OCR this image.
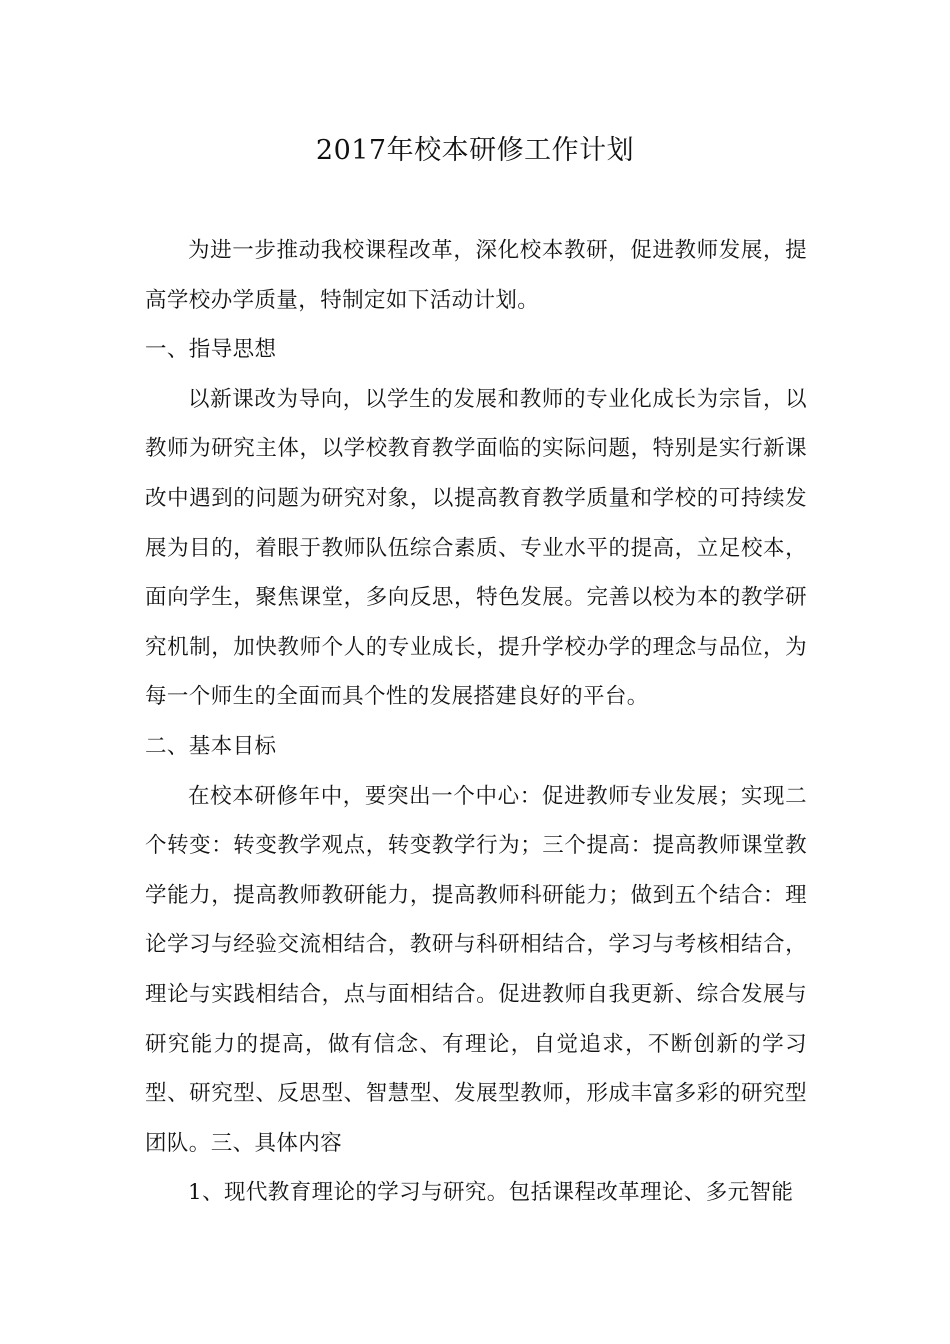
2017年校本研修工作计划

为进一步推动我校课程改革，深化校本教研，促进教师发展，提高学校办学质量，特制定如下活动计划。

一、指导思想

以新课改为导向，以学生的发展和教师的专业化成长为宗旨，以教师为研究主体，以学校教育教学面临的实际问题，特别是实行新课改中遇到的问题为研究对象，以提高教育教学质量和学校的可持续发展为目的，着眼于教师队伍综合素质、专业水平的提高，立足校本，面向学生，聚焦课堂，多向反思，特色发展。完善以校为本的教学研究机制，加快教师个人的专业成长，提升学校办学的理念与品位，为每一个师生的全面而具个性的发展搭建良好的平台。

二、基本目标

在校本研修年中，要突出一个中心：促进教师专业发展；实现二个转变：转变教学观点，转变教学行为；三个提高：提高教师课堂教学能力，提高教师教研能力，提高教师科研能力；做到五个结合：理论学习与经验交流相结合，教研与科研相结合，学习与考核相结合，理论与实践相结合，点与面相结合。促进教师自我更新、综合发展与研究能力的提高，做有信念、有理论，自觉追求，不断创新的学习型、研究型、反思型、智慧型、发展型教师，形成丰富多彩的研究型团队。三、具体内容

1、现代教育理论的学习与研究。包括课程改革理论、多元智能
